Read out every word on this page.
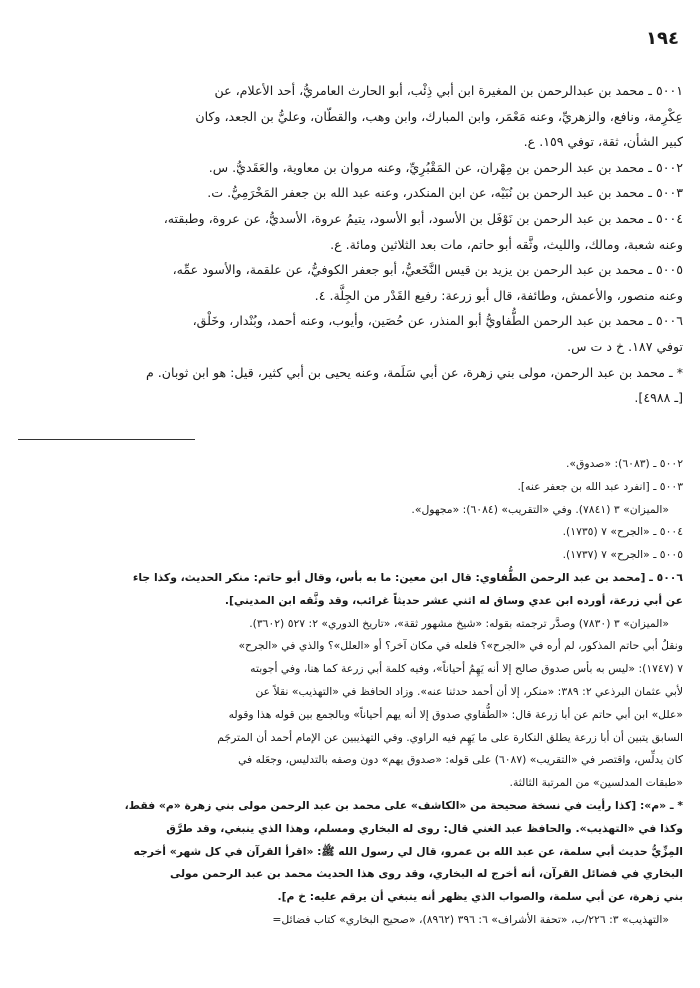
١٩٤
٥٠٠١ ـ محمد بن عبدالرحمن بن المغيرة ابن أبي ذِئْب، أبو الحارث العامريُّ، أحد الأعلام، عن
عِكْرِمة، ونافع، والزهريِّ، وعنه مَعْمَر، وابن المبارك، وابن وهب، والقطّان، وعليُّ بن الجعد، وكان
كبير الشأن، ثقة، توفي ١٥٩. ع.
٥٠٠٢ ـ محمد بن عبد الرحمن بن مِهْران، عن المَقْبُرِيِّ، وعنه مروان بن معاوية، والعَقَديُّ. س.
٥٠٠٣ ـ محمد بن عبد الرحمن بن نُبَيْه، عن ابن المنكدر، وعنه عبد الله بن جعفر المَخْرَمِيُّ. ت.
٥٠٠٤ ـ محمد بن عبد الرحمن بن نَوْفَل بن الأسود، أبو الأسود، يتيمُ عروة، الأسديُّ، عن عروة، وطبقته،
وعنه شعبة، ومالك، والليث، وثَّقه أبو حاتم، مات بعد الثلاثين ومائة. ع.
٥٠٠٥ ـ محمد بن عبد الرحمن بن يزيد بن قيس النَّخَعيُّ، أبو جعفر الكوفيُّ، عن علقمة، والأسود عمِّه،
وعنه منصور، والأعمش، وطائفة، قال أبو زرعة: رفيع القَدْر من الجِلَّة. ٤.
٥٠٠٦ ـ محمد بن عبد الرحمن الطُّفاويُّ أبو المنذر، عن حُصَين، وأيوب، وعنه أحمد، وبُنْدار، وخَلْق،
توفي ١٨٧. خ د ت س.
* ـ محمد بن عبد الرحمن، مولى بني زهرة، عن أبي سَلَمة، وعنه يحيى بن أبي كثير، قيل: هو ابن ثوبان. م
[ـ ٤٩٨٨].
٥٠٠٢ ـ (٦٠٨٣): «صدوق».
٥٠٠٣ ـ [انفرد عبد الله بن جعفر عنه].
«الميزان» ٣ (٧٨٤١). وفي «التقريب» (٦٠٨٤): «مجهول».
٥٠٠٤ ـ «الجرح» ٧ (١٧٣٥).
٥٠٠٥ ـ «الجرح» ٧ (١٧٣٧).
٥٠٠٦ ـ [محمد بن عبد الرحمن الطُّفاوي: قال ابن معين: ما به بأس، وقال أبو حاتم: منكر الحديث، وكذا جاء
عن أبي زرعة، أورده ابن عدي وساق له اثني عشر حديثاً غرائب، وقد وثَّقه ابن المديني].
«الميزان» ٣ (٧٨٣٠) وصدَّر ترجمته بقوله: «شيخ مشهور ثقة»، «تاريخ الدوري» ٢: ٥٢٧ (٣٦٠٢).
ونقلُ أبي حاتم المذكور، لم أره في «الجرح»؟ فلعله في مكان آخر؟ أو «العلل»؟ والذي في «الجرح»
٧ (١٧٤٧): «ليس به بأس صدوق صالح إلا أنه يَهِمُ أحياناً»، وفيه كلمة أبي زرعة كما هنا، وفي أجوبته
لأبي عثمان البرذعي ٢: ٣٨٩: «منكر، إلا أن أحمد حدثنا عنه». وزاد الحافظ في «التهذيب» نقلاً عن
«علل» ابن أبي حاتم عن أبا زرعة قال: «الطُّفاوي صدوق إلا أنه يهم أحياناً» وبالجمع بين قوله هذا وقوله
السابق يتبين أن أبا زرعة يطلق النكارة على ما يَهِم فيه الراوي. وفي التهذيبين عن الإمام أحمد أن المترجَم
كان يدلِّس، واقتصر في «التقريب» (٦٠٨٧) على قوله: «صدوق يهم» دون وصفه بالتدليس، وجعَله في
«طبقات المدلسين» من المرتبة الثالثة.
* ـ «م»: [كذا رأيت في نسخة صحيحة من «الكاشف» على محمد بن عبد الرحمن مولى بني زهرة «م» فقط،
وكذا في «التهذيب». والحافظ عبد الغني قال: روى له البخاري ومسلم، وهذا الذي ينبغي، وقد طرَّق
المِزِّيُّ حديث أبي سلمة، عن عبد الله بن عمرو، قال لي رسول الله ﷺ: «اقرأ القرآن في كل شهر» أخرجه
البخاري في فضائل القرآن، أنه أخرج له البخاري، وقد روى هذا الحديث محمد بن عبد الرحمن مولى
بني زهرة، عن أبي سلمة، والصواب الذي يظهر أنه ينبغي أن يرقم عليه: خ م].
«التهذيب» ٣: ٢٢٦/ب، «تحفة الأشراف» ٦: ٣٩٦ (٨٩٦٢)، «صحيح البخاري» كتاب فضائل=
